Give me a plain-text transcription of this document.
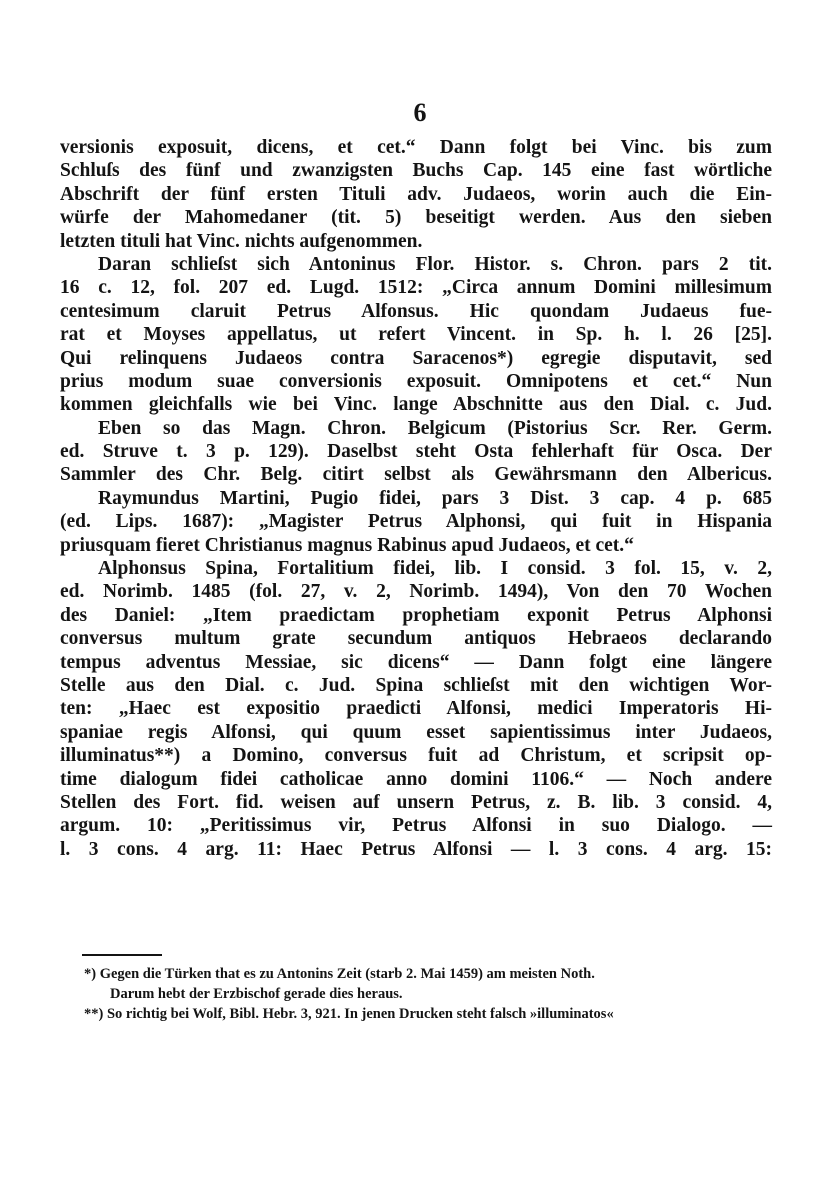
6
versionis exposuit, dicens, et cet.“ Dann folgt bei Vinc. bis zum
Schluſs des fünf und zwanzigsten Buchs Cap. 145 eine fast wörtliche
Abschrift der fünf ersten Tituli adv. Judaeos, worin auch die Ein-
würfe der Mahomedaner (tit. 5) beseitigt werden. Aus den sieben
letzten tituli hat Vinc. nichts aufgenommen.
Daran schlieſst sich Antoninus Flor. Histor. s. Chron. pars 2 tit.
16 c. 12, fol. 207 ed. Lugd. 1512: „Circa annum Domini millesimum
centesimum claruit Petrus Alfonsus. Hic quondam Judaeus fue-
rat et Moyses appellatus, ut refert Vincent. in Sp. h. l. 26 [25].
Qui relinquens Judaeos contra Saracenos*) egregie disputavit, sed
prius modum suae conversionis exposuit. Omnipotens et cet.“ Nun
kommen gleichfalls wie bei Vinc. lange Abschnitte aus den Dial. c. Jud.
Eben so das Magn. Chron. Belgicum (Pistorius Scr. Rer. Germ.
ed. Struve t. 3 p. 129). Daselbst steht Osta fehlerhaft für Osca. Der
Sammler des Chr. Belg. citirt selbst als Gewährsmann den Albericus.
Raymundus Martini, Pugio fidei, pars 3 Dist. 3 cap. 4 p. 685
(ed. Lips. 1687): „Magister Petrus Alphonsi, qui fuit in Hispania
priusquam fieret Christianus magnus Rabinus apud Judaeos, et cet.“
Alphonsus Spina, Fortalitium fidei, lib. I consid. 3 fol. 15, v. 2,
ed. Norimb. 1485 (fol. 27, v. 2, Norimb. 1494), Von den 70 Wochen
des Daniel: „Item praedictam prophetiam exponit Petrus Alphonsi
conversus multum grate secundum antiquos Hebraeos declarando
tempus adventus Messiae, sic dicens“ — Dann folgt eine längere
Stelle aus den Dial. c. Jud. Spina schlieſst mit den wichtigen Wor-
ten: „Haec est expositio praedicti Alfonsi, medici Imperatoris Hi-
spaniae regis Alfonsi, qui quum esset sapientissimus inter Judaeos,
illuminatus**) a Domino, conversus fuit ad Christum, et scripsit op-
time dialogum fidei catholicae anno domini 1106.“ — Noch andere
Stellen des Fort. fid. weisen auf unsern Petrus, z. B. lib. 3 consid. 4,
argum. 10: „Peritissimus vir, Petrus Alfonsi in suo Dialogo. —
l. 3 cons. 4 arg. 11: Haec Petrus Alfonsi — l. 3 cons. 4 arg. 15:
*) Gegen die Türken that es zu Antonins Zeit (starb 2. Mai 1459) am meisten Noth.
Darum hebt der Erzbischof gerade dies heraus.
**) So richtig bei Wolf, Bibl. Hebr. 3, 921. In jenen Drucken steht falsch »illuminatos«
